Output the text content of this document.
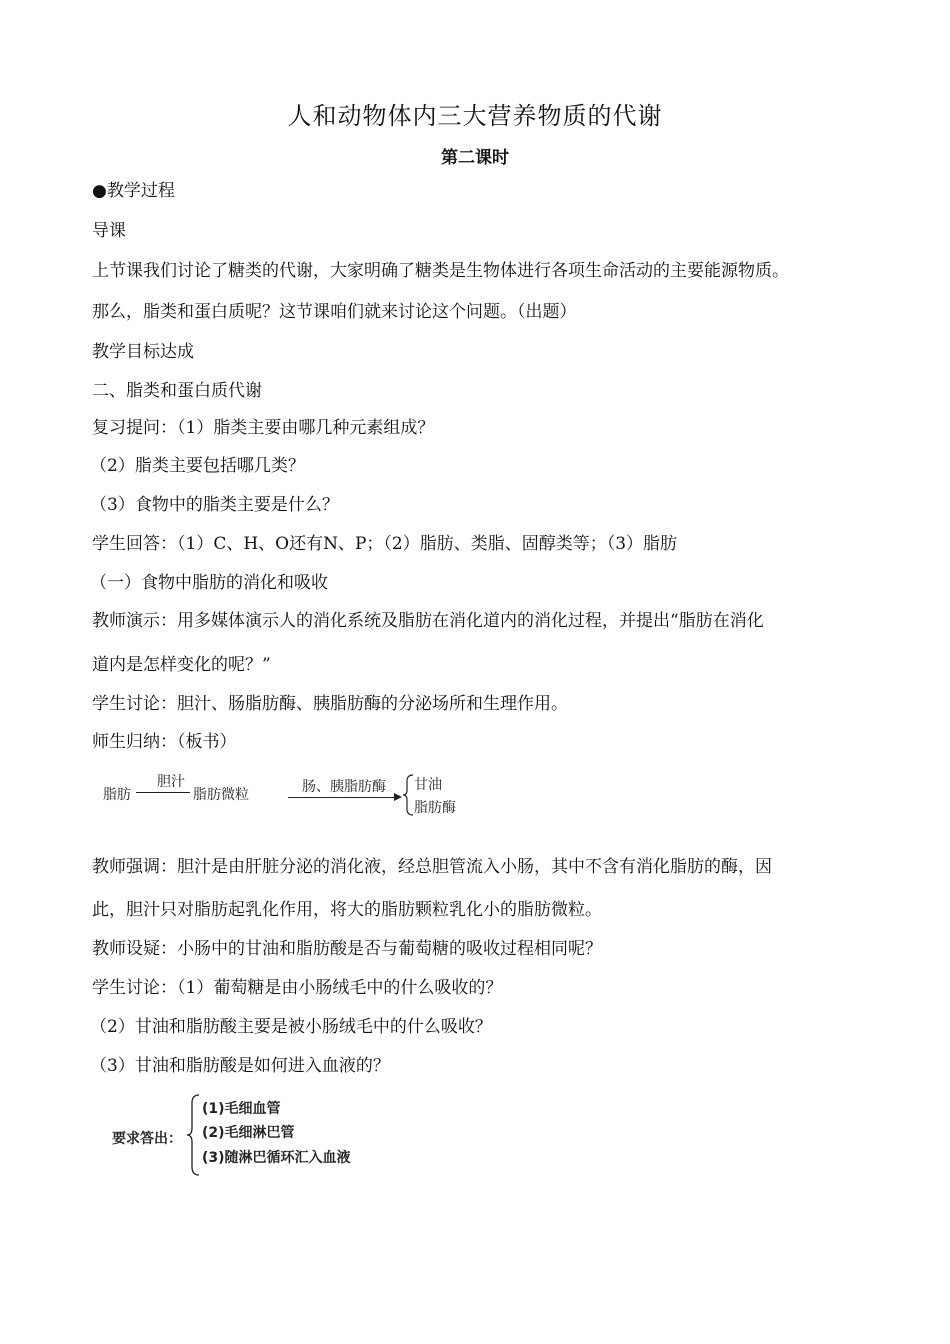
人和动物体内三大营养物质的代谢
第二课时
●教学过程
导课
上节课我们讨论了糖类的代谢，大家明确了糖类是生物体进行各项生命活动的主要能源物质。
那么，脂类和蛋白质呢？这节课咱们就来讨论这个问题。（出题）
教学目标达成
二、脂类和蛋白质代谢
复习提问：（1）脂类主要由哪几种元素组成？
（2）脂类主要包括哪几类？
（3）食物中的脂类主要是什么？
学生回答：（1）C、H、O还有N、P；（2）脂肪、类脂、固醇类等；（3）脂肪
（一）食物中脂肪的消化和吸收
教师演示：用多媒体演示人的消化系统及脂肪在消化道内的消化过程，并提出“脂肪在消化
道内是怎样变化的呢？”
学生讨论：胆汁、肠脂肪酶、胰脂肪酶的分泌场所和生理作用。
师生归纳：（板书）
脂肪
胆汁
脂肪微粒	肠、胰脂肪酶 甘油
脂肪酶
教师强调：胆汁是由肝脏分泌的消化液，经总胆管流入小肠，其中不含有消化脂肪的酶，因
此，胆汁只对脂肪起乳化作用，将大的脂肪颗粒乳化小的脂肪微粒。
教师设疑：小肠中的甘油和脂肪酸是否与葡萄糖的吸收过程相同呢？
学生讨论：（1）葡萄糖是由小肠绒毛中的什么吸收的？
（2）甘油和脂肪酸主要是被小肠绒毛中的什么吸收？
（3）甘油和脂肪酸是如何进入血液的？
要求答出：
(1)毛细血管
(2)毛细淋巴管
(3)随淋巴循环汇入血液
